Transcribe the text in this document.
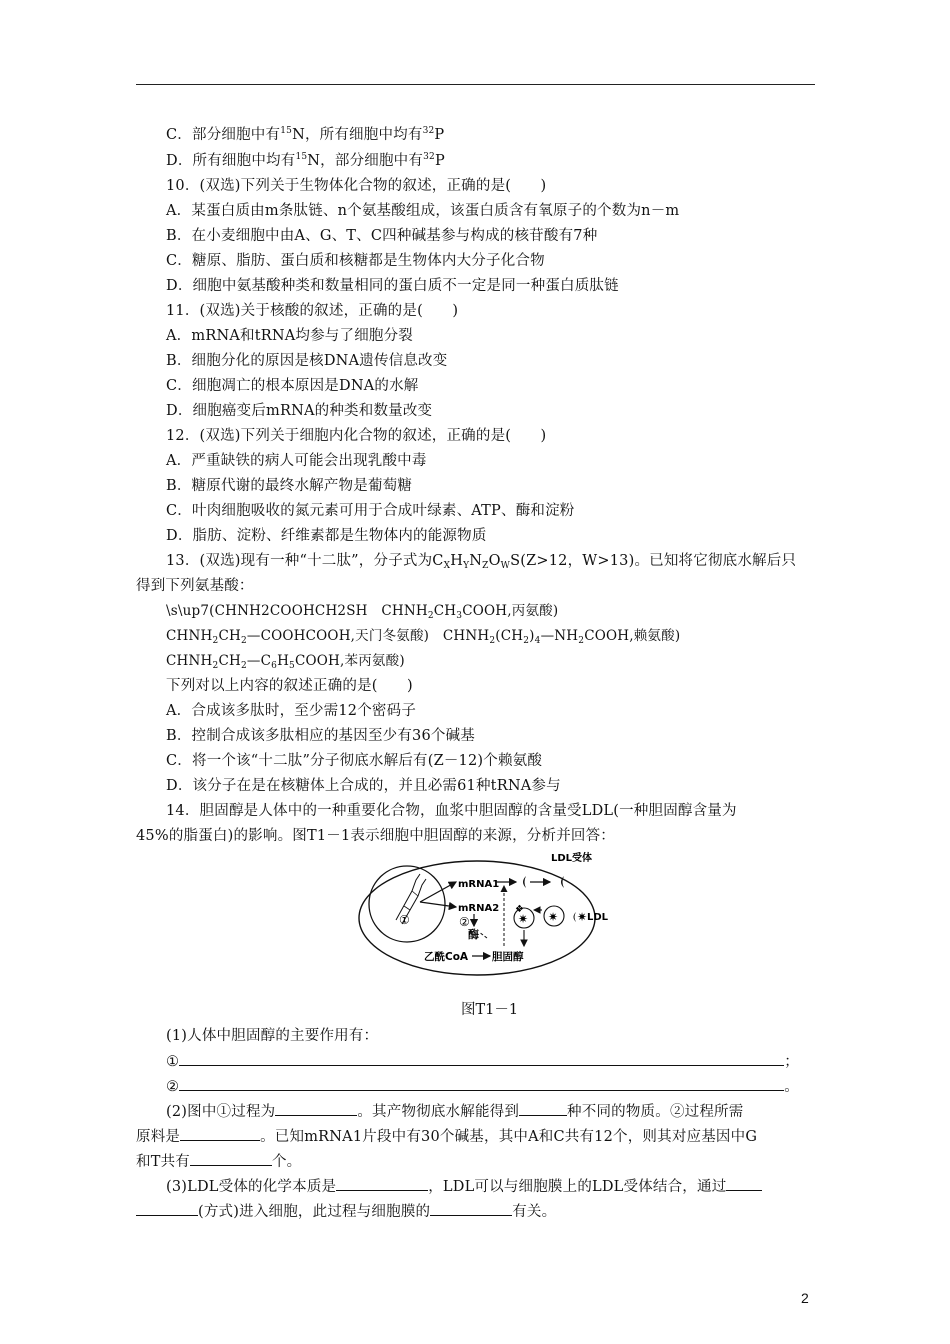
C．部分细胞中有$^{15}$N，所有细胞中均有$^{32}$P
D．所有细胞中均有$^{15}$N，部分细胞中有$^{32}$P
10．(双选)下列关于生物体化合物的叙述，正确的是(　　)
A．某蛋白质由m条肽链、n个氨基酸组成，该蛋白质含有氧原子的个数为n－m
B．在小麦细胞中由A、G、T、C四种碱基参与构成的核苷酸有7种
C．糖原、脂肪、蛋白质和核糖都是生物体内大分子化合物
D．细胞中氨基酸种类和数量相同的蛋白质不一定是同一种蛋白质肽链
11．(双选)关于核酸的叙述，正确的是(　　)
A．mRNA和tRNA均参与了细胞分裂
B．细胞分化的原因是核DNA遗传信息改变
C．细胞凋亡的根本原因是DNA的水解
D．细胞癌变后mRNA的种类和数量改变
12．(双选)下列关于细胞内化合物的叙述，正确的是(　　)
A．严重缺铁的病人可能会出现乳酸中毒
B．糖原代谢的最终水解产物是葡萄糖
C．叶肉细胞吸收的氮元素可用于合成叶绿素、ATP、酶和淀粉
D．脂肪、淀粉、纤维素都是生物体内的能源物质
13．(双选)现有一种“十二肽”，分子式为$C_XH_YN_ZO_WS(Z>12$，W>13)。已知将它彻底水解后只
得到下列氨基酸：
\s\up7(CHNH2COOHCH2SH　$CHNH_2CH_3COOH$,丙氨酸)
$CHNH_2CH_2—COOHCOOH$,天门冬氨酸)　$CHNH_2(CH_2)_4—NH_2COOH$,赖氨酸)
$CHNH_2CH_2—C_6H_5COOH$,苯丙氨酸)
下列对以上内容的叙述正确的是(　　)
A．合成该多肽时，至少需12个密码子
B．控制合成该多肽相应的基因至少有36个碱基
C．将一个该“十二肽”分子彻底水解后有(Z－12)个赖氨酸
D．该分子在是在核糖体上合成的，并且必需61种tRNA参与
14．胆固醇是人体中的一种重要化合物，血浆中胆固醇的含量受LDL(一种胆固醇含量为
45%的脂蛋白)的影响。图T1－1表示细胞中胆固醇的来源，分析并回答：
mRNA1
mRNA2
①	②
LDL受体
酶
乙酰CoA 胆固醇
✷
❖
✷ ✷ LDL
图T1－1
(1)人体中胆固醇的主要作用有：
①	；
②	。
(2)图中①过程为	。其产物彻底水解能得到	种不同的物质。②过程所需
原料是	。已知mRNA1片段中有30个碱基，其中A和C共有12个，则其对应基因中G
和T共有	个。
(3)LDL受体的化学本质是	，LDL可以与细胞膜上的LDL受体结合，通过
(方式)进入细胞，此过程与细胞膜的	有关。
2
